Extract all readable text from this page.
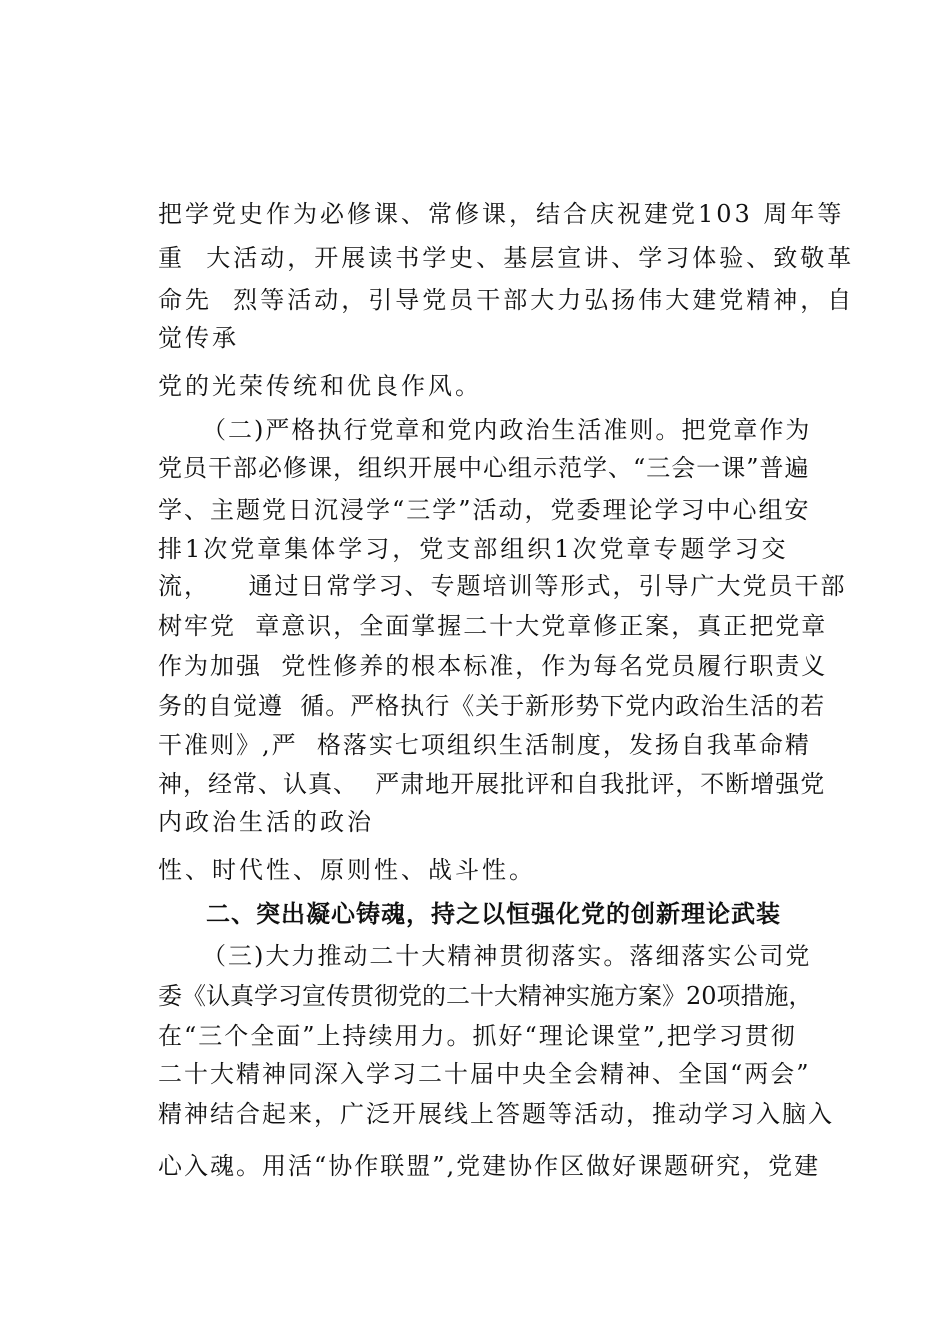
把学党史作为必修课、常修课，结合庆祝建党103 周年等
重  大活动，开展读书学史、基层宣讲、学习体验、致敬革
命先  烈等活动，引导党员干部大力弘扬伟大建党精神，自
觉传承
党的光荣传统和优良作风。
（二)严格执行党章和党内政治生活准则。把党章作为
党员干部必修课，组织开展中心组示范学、“三会一课”普遍
学、主题党日沉浸学“三学”活动，党委理论学习中心组安
排1次党章集体学习，党支部组织1次党章专题学习交
流，    通过日常学习、专题培训等形式，引导广大党员干部
树牢党  章意识，全面掌握二十大党章修正案，真正把党章
作为加强  党性修养的根本标准，作为每名党员履行职责义
务的自觉遵  循。严格执行《关于新形势下党内政治生活的若
干准则》,严  格落实七项组织生活制度，发扬自我革命精
神，经常、认真、  严肃地开展批评和自我批评，不断增强党
内政治生活的政治
性、时代性、原则性、战斗性。
二、突出凝心铸魂，持之以恒强化党的创新理论武装
（三)大力推动二十大精神贯彻落实。落细落实公司党
委《认真学习宣传贯彻党的二十大精神实施方案》20项措施，
在“三个全面”上持续用力。抓好“理论课堂”,把学习贯彻
二十大精神同深入学习二十届中央全会精神、全国“两会”
精神结合起来，广泛开展线上答题等活动，推动学习入脑入
心入魂。用活“协作联盟”,党建协作区做好课题研究，党建
